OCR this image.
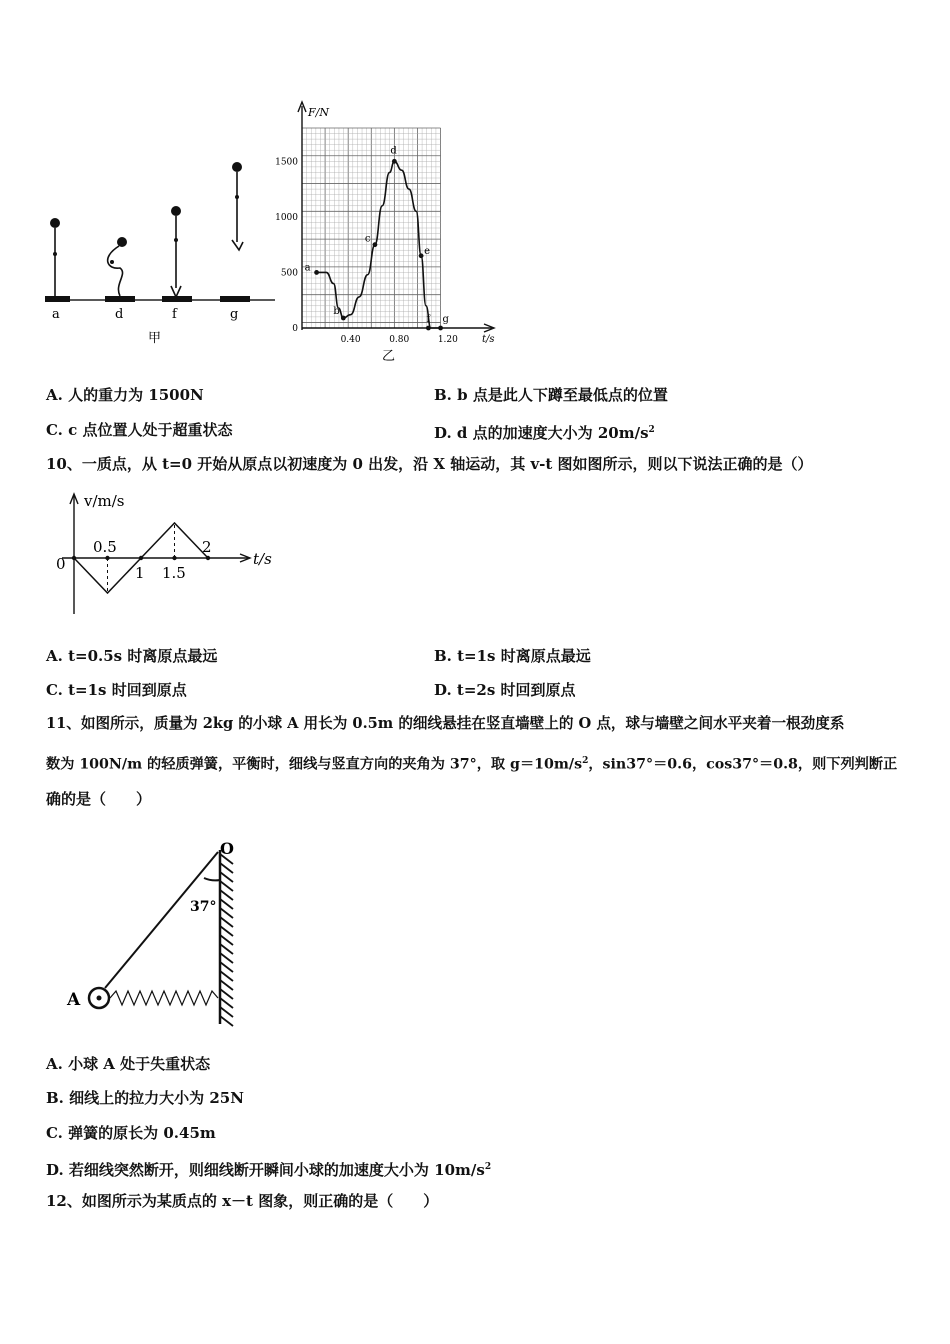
a	d	f	g
甲
F/N
t/s
1500
1000
500
0
0.40	0.80	1.20
a
b
c
d
e
f g
乙
A. 人的重力为 1500N	B. b 点是此人下蹲至最低点的位置
C. c 点位置人处于超重状态	D. d 点的加速度大小为 $20m/s^2$
10、一质点，从 t=0 开始从原点以初速度为 0 出发，沿 X 轴运动，其 v-t 图如图所示，则以下说法正确的是（）
v/m/s
t/s
0
0.5	2
1 1.5
A. t=0.5s 时离原点最远	B. t=1s 时离原点最远
C. t=1s 时回到原点	D. t=2s 时回到原点
11、如图所示，质量为 2kg 的小球 A 用长为 0.5m 的细线悬挂在竖直墙壁上的 O 点，球与墙壁之间水平夹着一根劲度系
数为 100N/m 的轻质弹簧，平衡时，细线与竖直方向的夹角为 37°，取 $g=10m/s^2$，sin37°＝0.6，cos37°＝0.8，则下列判断正
确的是（　　）
37°
O
A
A. 小球 A 处于失重状态
B. 细线上的拉力大小为 25N
C. 弹簧的原长为 0.45m
D. 若细线突然断开，则细线断开瞬间小球的加速度大小为 $10m/s^2$
12、如图所示为某质点的 x－t 图象，则正确的是（　　）
